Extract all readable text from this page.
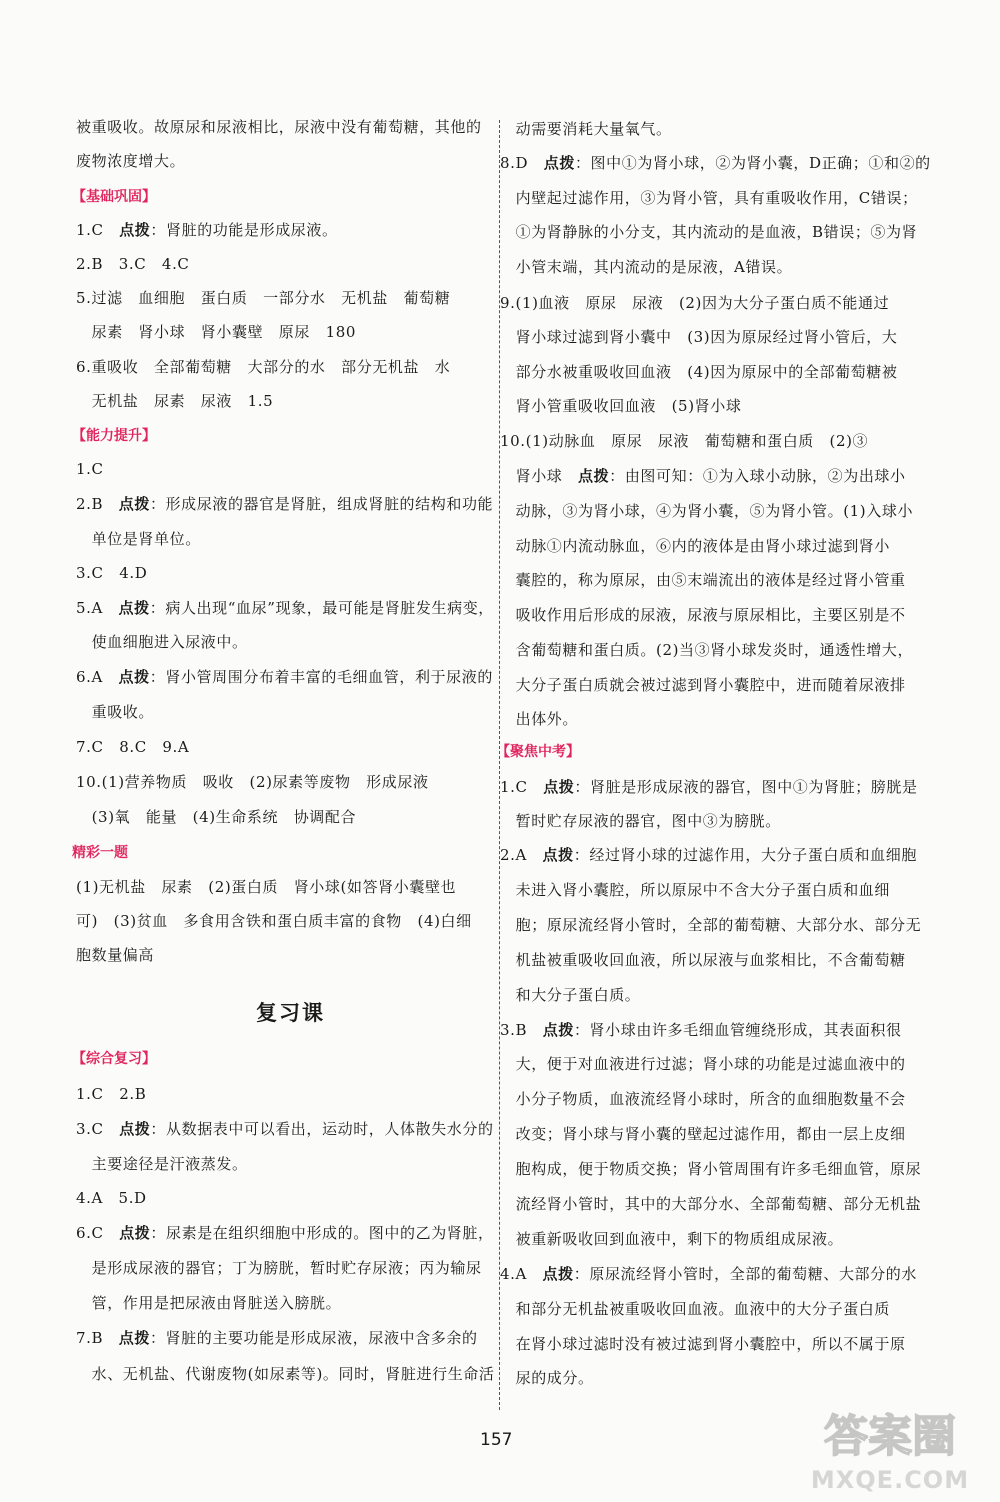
被重吸收。故原尿和尿液相比，尿液中没有葡萄糖，其他的
废物浓度增大。
【基础巩固】
1.C　点拨：肾脏的功能是形成尿液。
2.B　3.C　4.C
5.过滤　血细胞　蛋白质　一部分水　无机盐　葡萄糖
　尿素　肾小球　肾小囊壁　原尿　180
6.重吸收　全部葡萄糖　大部分的水　部分无机盐　水
　无机盐　尿素　尿液　1.5
【能力提升】
1.C
2.B　点拨：形成尿液的器官是肾脏，组成肾脏的结构和功能
　单位是肾单位。
3.C　4.D
5.A　点拨：病人出现“血尿”现象，最可能是肾脏发生病变，
　使血细胞进入尿液中。
6.A　点拨：肾小管周围分布着丰富的毛细血管，利于尿液的
　重吸收。
7.C　8.C　9.A
10.(1)营养物质　吸收　(2)尿素等废物　形成尿液
　(3)氧　能量　(4)生命系统　协调配合
精彩一题
(1)无机盐　尿素　(2)蛋白质　肾小球(如答肾小囊壁也
可)　(3)贫血　多食用含铁和蛋白质丰富的食物　(4)白细
胞数量偏高
【综合复习】
1.C　2.B
3.C　点拨：从数据表中可以看出，运动时，人体散失水分的
　主要途径是汗液蒸发。
4.A　5.D
6.C　点拨：尿素是在组织细胞中形成的。图中的乙为肾脏，
　是形成尿液的器官；丁为膀胱，暂时贮存尿液；丙为输尿
　管，作用是把尿液由肾脏送入膀胱。
7.B　点拨：肾脏的主要功能是形成尿液，尿液中含多余的
　水、无机盐、代谢废物(如尿素等)。同时，肾脏进行生命活
　动需要消耗大量氧气。
8.D　点拨：图中①为肾小球，②为肾小囊，D正确；①和②的
　内壁起过滤作用，③为肾小管，具有重吸收作用，C错误；
　①为肾静脉的小分支，其内流动的是血液，B错误；⑤为肾
　小管末端，其内流动的是尿液，A错误。
9.(1)血液　原尿　尿液　(2)因为大分子蛋白质不能通过
　肾小球过滤到肾小囊中　(3)因为原尿经过肾小管后，大
　部分水被重吸收回血液　(4)因为原尿中的全部葡萄糖被
　肾小管重吸收回血液　(5)肾小球
10.(1)动脉血　原尿　尿液　葡萄糖和蛋白质　(2)③
　肾小球　点拨：由图可知：①为入球小动脉，②为出球小
　动脉，③为肾小球，④为肾小囊，⑤为肾小管。(1)入球小
　动脉①内流动脉血，⑥内的液体是由肾小球过滤到肾小
　囊腔的，称为原尿，由⑤末端流出的液体是经过肾小管重
　吸收作用后形成的尿液，尿液与原尿相比，主要区别是不
　含葡萄糖和蛋白质。(2)当③肾小球发炎时，通透性增大，
　大分子蛋白质就会被过滤到肾小囊腔中，进而随着尿液排
　出体外。
【聚焦中考】
1.C　点拨：肾脏是形成尿液的器官，图中①为肾脏；膀胱是
　暂时贮存尿液的器官，图中③为膀胱。
2.A　点拨：经过肾小球的过滤作用，大分子蛋白质和血细胞
　未进入肾小囊腔，所以原尿中不含大分子蛋白质和血细
　胞；原尿流经肾小管时，全部的葡萄糖、大部分水、部分无
　机盐被重吸收回血液，所以尿液与血浆相比，不含葡萄糖
　和大分子蛋白质。
3.B　点拨：肾小球由许多毛细血管缠绕形成，其表面积很
　大，便于对血液进行过滤；肾小球的功能是过滤血液中的
　小分子物质，血液流经肾小球时，所含的血细胞数量不会
　改变；肾小球与肾小囊的壁起过滤作用，都由一层上皮细
　胞构成，便于物质交换；肾小管周围有许多毛细血管，原尿
　流经肾小管时，其中的大部分水、全部葡萄糖、部分无机盐
　被重新吸收回到血液中，剩下的物质组成尿液。
4.A　点拨：原尿流经肾小管时，全部的葡萄糖、大部分的水
　和部分无机盐被重吸收回血液。血液中的大分子蛋白质
　在肾小球过滤时没有被过滤到肾小囊腔中，所以不属于原
　尿的成分。
复习课
157	答案圈
MXQE.COM
